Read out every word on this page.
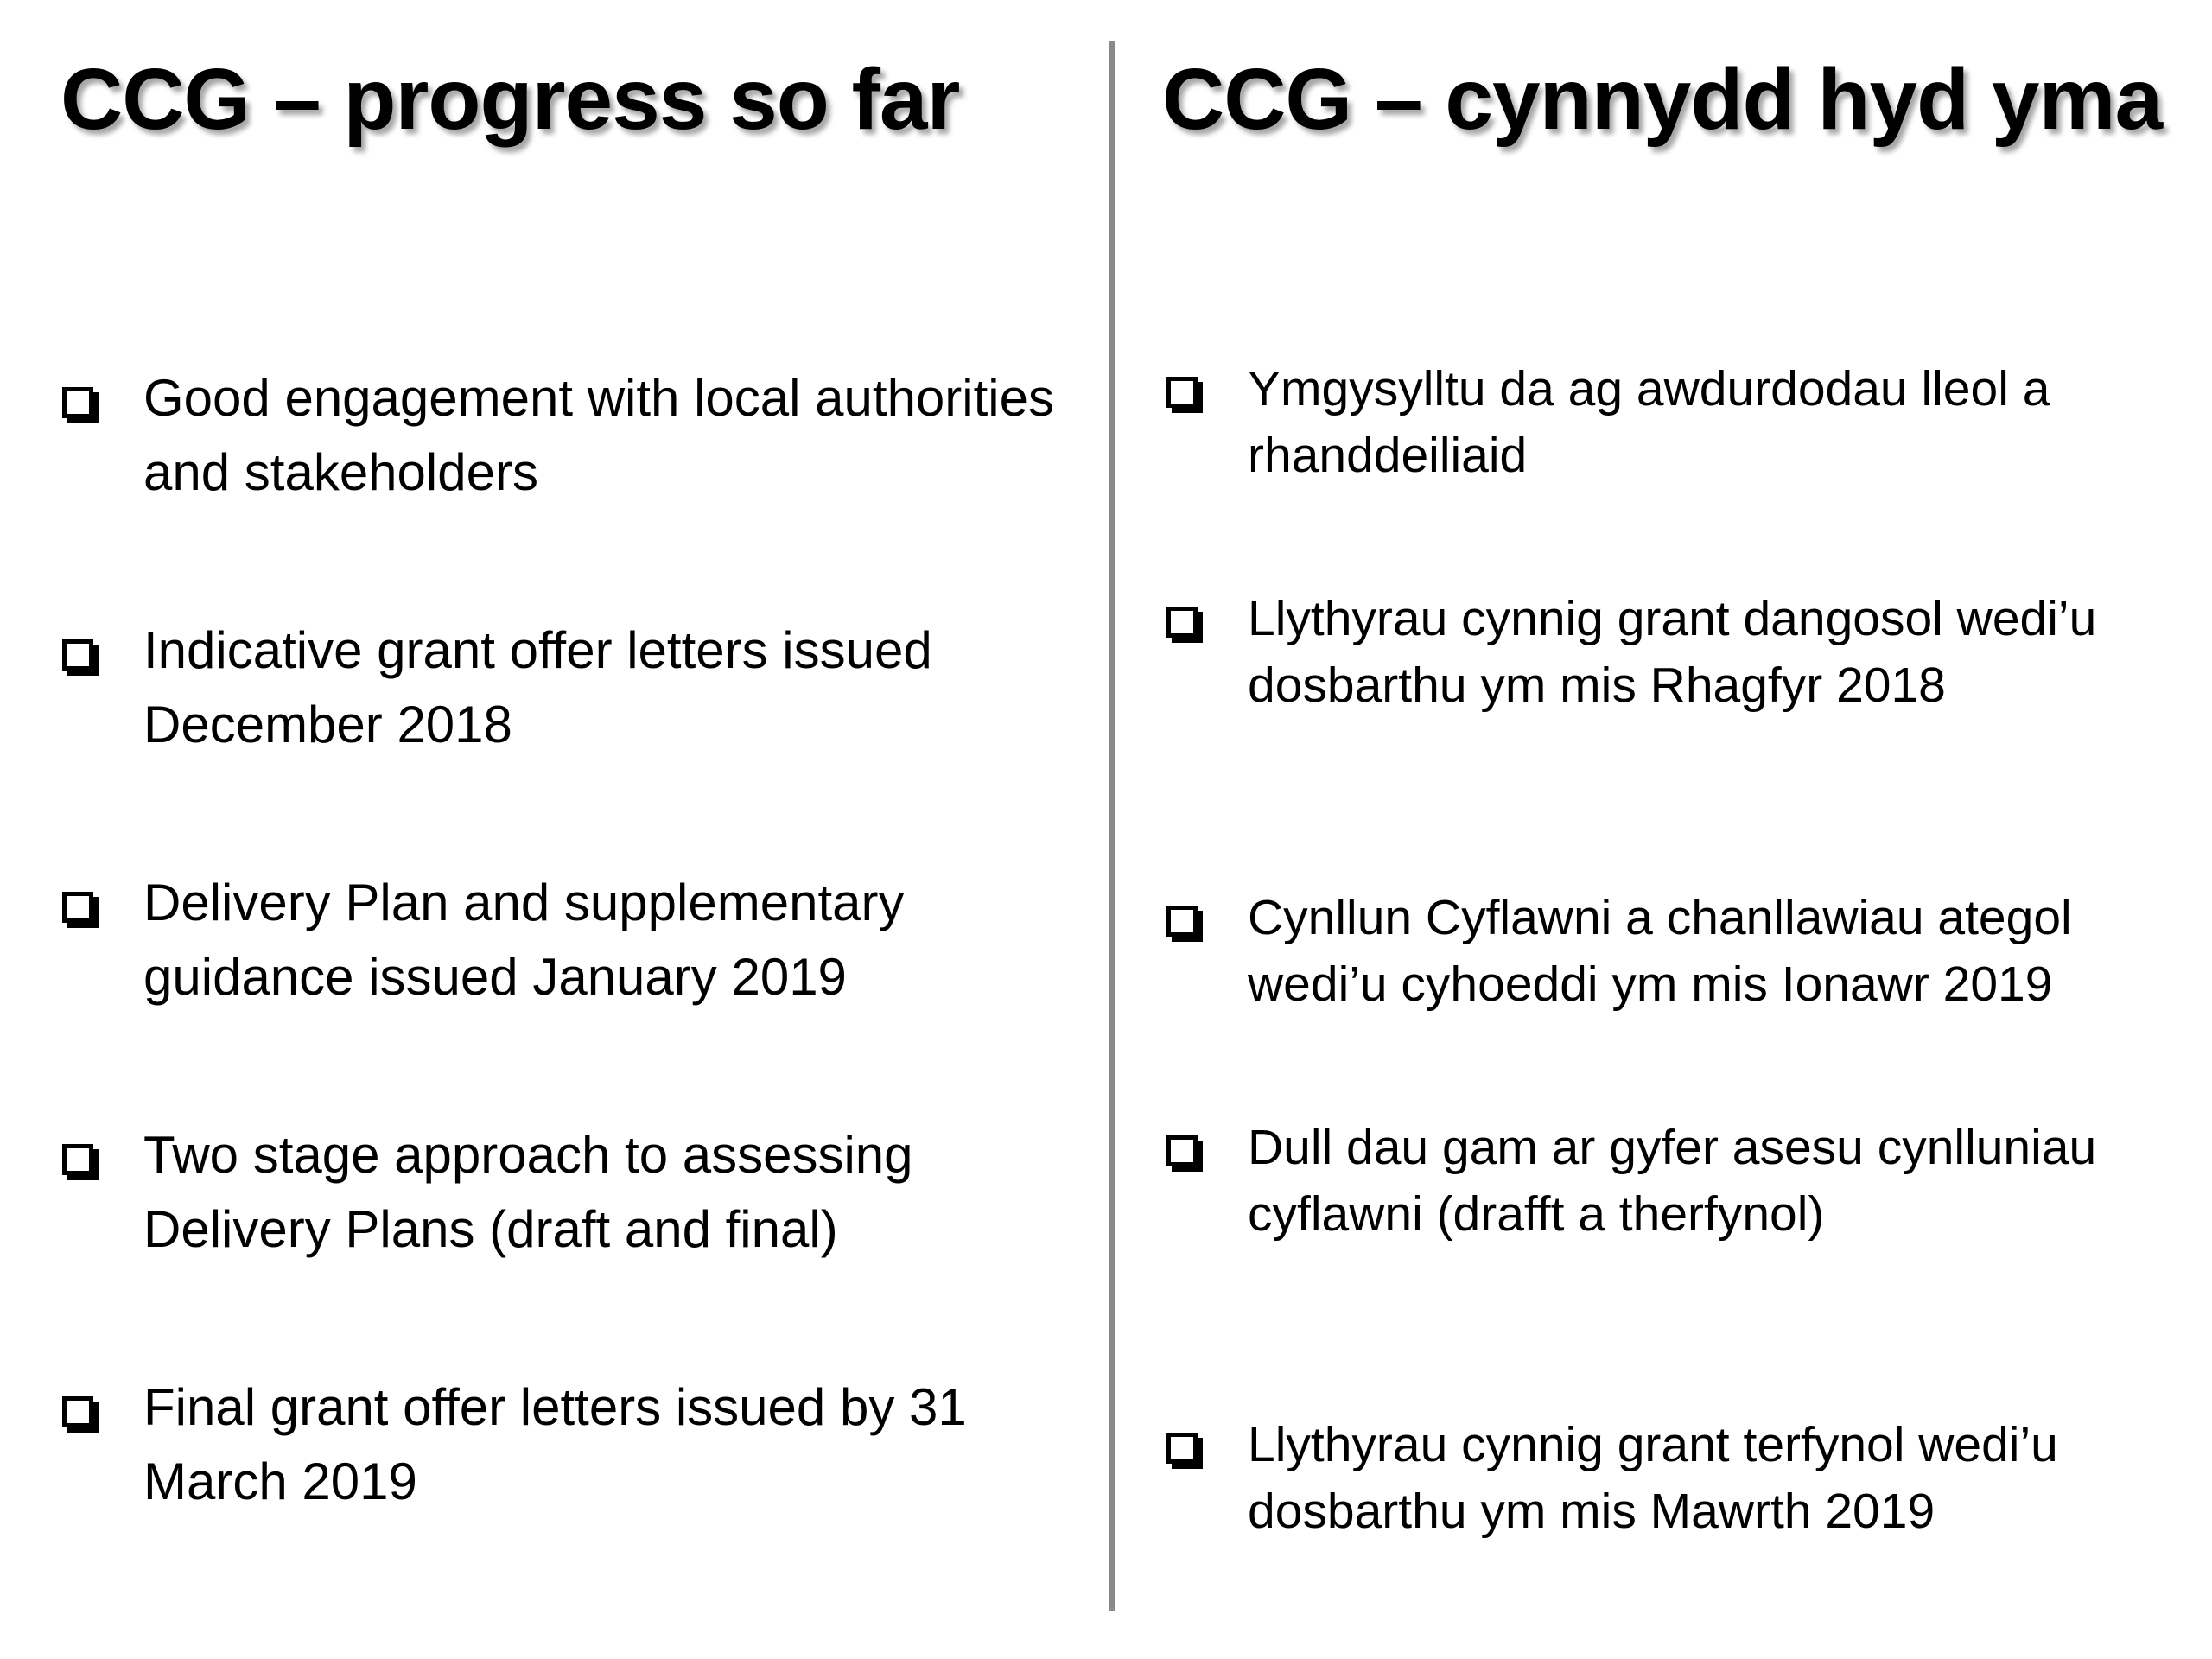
CCG – progress so far CCG – cynnydd hyd yma
Good engagement with local authorities and stakeholders
Indicative grant offer letters issued December 2018
Delivery Plan and supplementary guidance issued January 2019
Two stage approach to assessing Delivery Plans (draft and final)
Final grant offer letters issued by 31 March 2019
Ymgysylltu da ag awdurdodau lleol a rhanddeiliaid
Llythyrau cynnig grant dangosol wedi’u dosbarthu ym mis Rhagfyr 2018
Cynllun Cyflawni a chanllawiau ategol wedi’u cyhoeddi ym mis Ionawr 2019
Dull dau gam ar gyfer asesu cynlluniau cyflawni (drafft a therfynol)
Llythyrau cynnig grant terfynol wedi’u dosbarthu ym mis Mawrth 2019
